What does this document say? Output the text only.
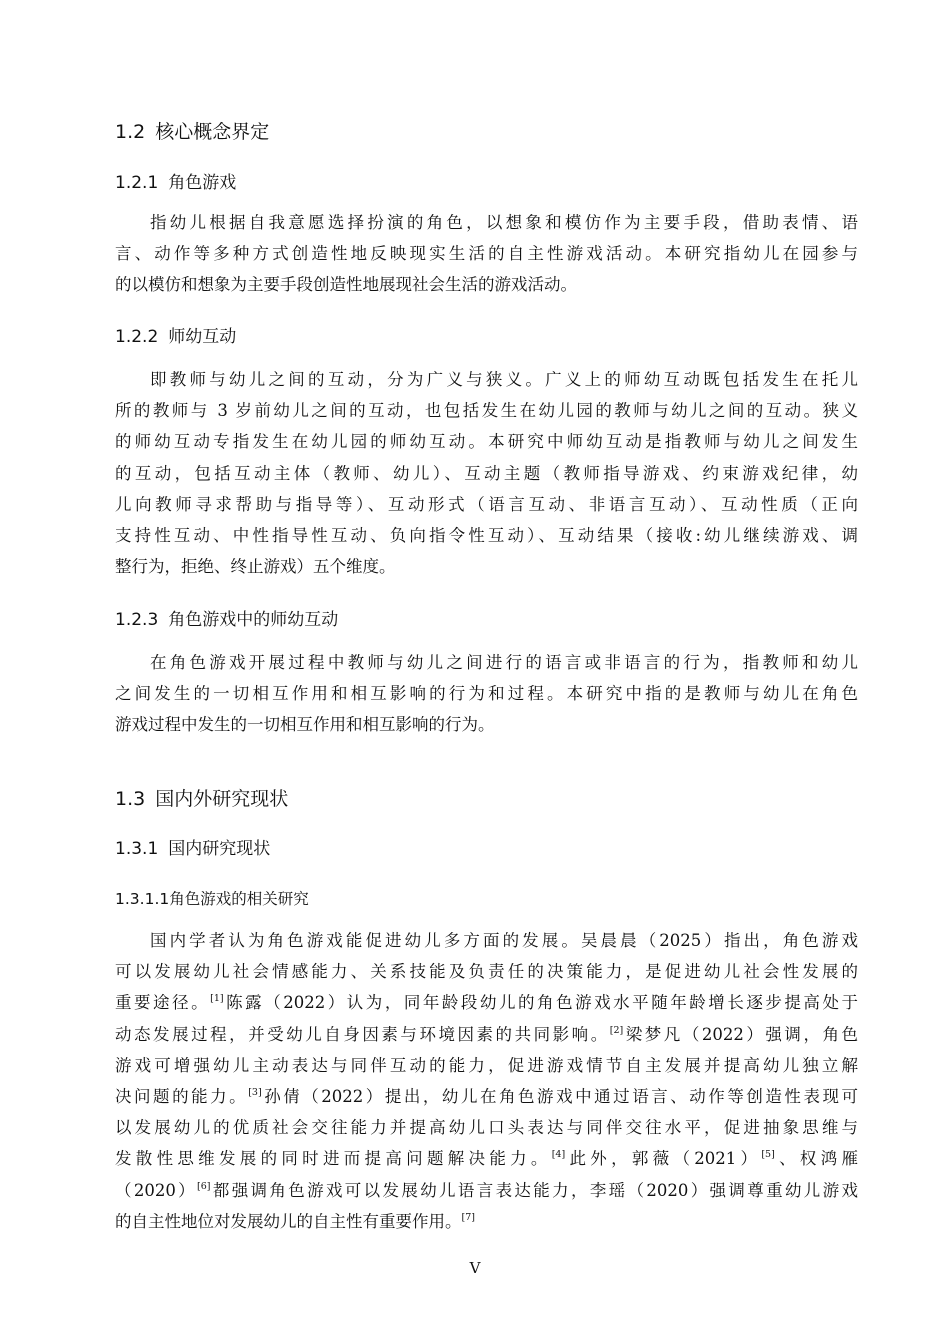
1.2 核心概念界定
1.2.1 角色游戏
指幼儿根据自我意愿选择扮演的角色，以想象和模仿作为主要手段，借助表情、语
言、动作等多种方式创造性地反映现实生活的自主性游戏活动。本研究指幼儿在园参与
的以模仿和想象为主要手段创造性地展现社会生活的游戏活动。
1.2.2 师幼互动
即教师与幼儿之间的互动，分为广义与狭义。广义上的师幼互动既包括发生在托儿
所的教师与 3 岁前幼儿之间的互动，也包括发生在幼儿园的教师与幼儿之间的互动。狭义
的师幼互动专指发生在幼儿园的师幼互动。本研究中师幼互动是指教师与幼儿之间发生
的互动，包括互动主体（教师、幼儿）、互动主题（教师指导游戏、约束游戏纪律，幼
儿向教师寻求帮助与指导等）、互动形式（语言互动、非语言互动）、互动性质（正向
支持性互动、中性指导性互动、负向指令性互动）、互动结果（接收:幼儿继续游戏、调
整行为，拒绝、终止游戏）五个维度。
1.2.3 角色游戏中的师幼互动
在角色游戏开展过程中教师与幼儿之间进行的语言或非语言的行为，指教师和幼儿
之间发生的一切相互作用和相互影响的行为和过程。本研究中指的是教师与幼儿在角色
游戏过程中发生的一切相互作用和相互影响的行为。
1.3 国内外研究现状
1.3.1 国内研究现状
1.3.1.1角色游戏的相关研究
国内学者认为角色游戏能促进幼儿多方面的发展。吴晨晨（2025）指出，角色游戏
可以发展幼儿社会情感能力、关系技能及负责任的决策能力，是促进幼儿社会性发展的
重要途径。[1]陈露（2022）认为，同年龄段幼儿的角色游戏水平随年龄增长逐步提高处于
动态发展过程，并受幼儿自身因素与环境因素的共同影响。[2]梁梦凡（2022）强调，角色
游戏可增强幼儿主动表达与同伴互动的能力，促进游戏情节自主发展并提高幼儿独立解
决问题的能力。[3]孙倩（2022）提出，幼儿在角色游戏中通过语言、动作等创造性表现可
以发展幼儿的优质社会交往能力并提高幼儿口头表达与同伴交往水平，促进抽象思维与
发散性思维发展的同时进而提高问题解决能力。[4]此外，郭薇（2021）[5]、权鸿雁
（2020）[6]都强调角色游戏可以发展幼儿语言表达能力，李瑶（2020）强调尊重幼儿游戏
的自主性地位对发展幼儿的自主性有重要作用。[7]
V
